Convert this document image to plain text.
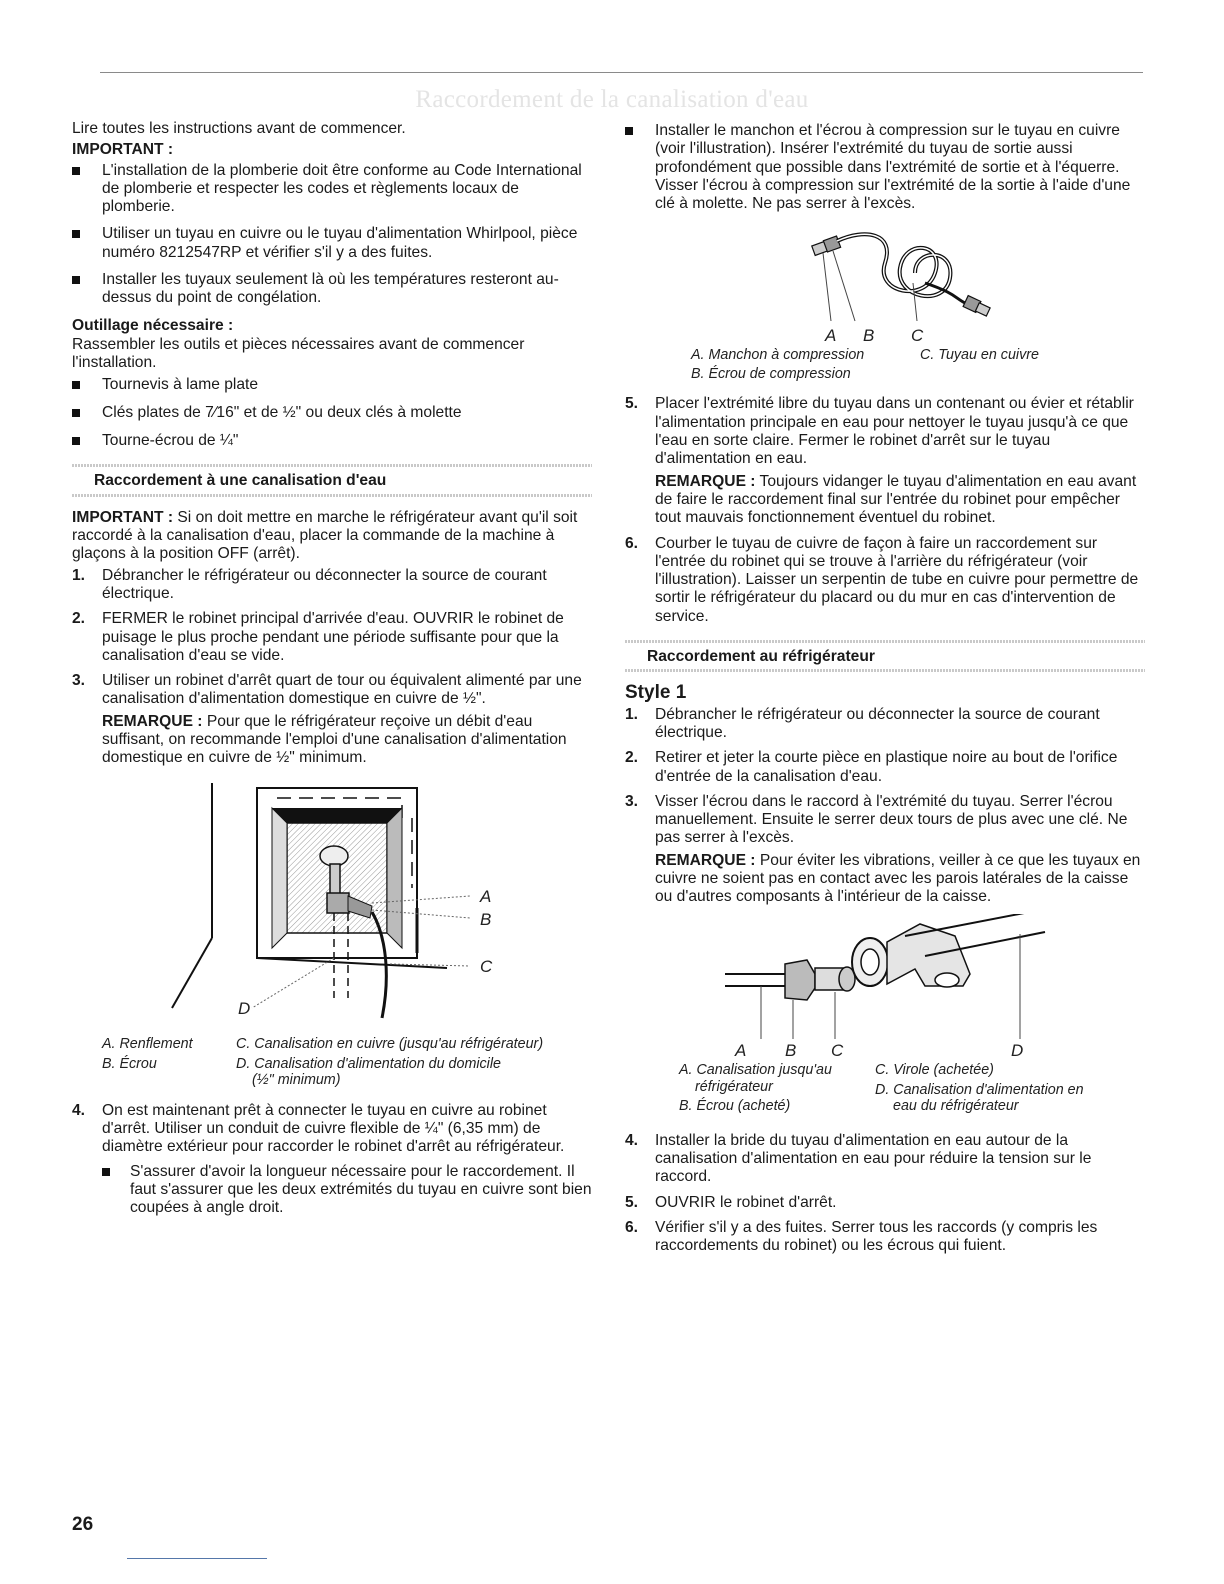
Raccordement de la canalisation d'eau

Lire toutes les instructions avant de commencer.

IMPORTANT :

L'installation de la plomberie doit être conforme au Code International de plomberie et respecter les codes et règlements locaux de plomberie.
Utiliser un tuyau en cuivre ou le tuyau d'alimentation Whirlpool, pièce numéro 8212547RP et vérifier s'il y a des fuites.
Installer les tuyaux seulement là où les températures resteront au-dessus du point de congélation.

Outillage nécessaire :

Rassembler les outils et pièces nécessaires avant de commencer l'installation.

Tournevis à lame plate
Clés plates de 7⁄16" et de ½" ou deux clés à molette
Tourne-écrou de ¼"
Raccordement à une canalisation d'eau

IMPORTANT : Si on doit mettre en marche le réfrigérateur avant qu'il soit raccordé à la canalisation d'eau, placer la commande de la machine à glaçons à la position OFF (arrêt).

1. Débrancher le réfrigérateur ou déconnecter la source de courant électrique.
2. FERMER le robinet principal d'arrivée d'eau. OUVRIR le robinet de puisage le plus proche pendant une période suffisante pour que la canalisation d'eau se vide.
3. Utiliser un robinet d'arrêt quart de tour ou équivalent alimenté par une canalisation d'alimentation domestique en cuivre de ½".

REMARQUE : Pour que le réfrigérateur reçoive un débit d'eau suffisant, on recommande l'emploi d'une canalisation d'alimentation domestique en cuivre de ½" minimum.

A
B
C
D
A. Renflement
B. Écrou
C. Canalisation en cuivre (jusqu'au réfrigérateur)
D. Canalisation d'alimentation du domicile
(½" minimum)
4. On est maintenant prêt à connecter le tuyau en cuivre au robinet d'arrêt. Utiliser un conduit de cuivre flexible de ¼" (6,35 mm) de diamètre extérieur pour raccorder le robinet d'arrêt au réfrigérateur.
S'assurer d'avoir la longueur nécessaire pour le raccordement. Il faut s'assurer que les deux extrémités du tuyau en cuivre sont bien coupées à angle droit.
Installer le manchon et l'écrou à compression sur le tuyau en cuivre (voir l'illustration). Insérer l'extrémité du tuyau de sortie aussi profondément que possible dans l'extrémité de sortie et à l'équerre. Visser l'écrou à compression sur l'extrémité de la sortie à l'aide d'une clé à molette. Ne pas serrer à l'excès.
A B C
A. Manchon à compression
B. Écrou de compression
C. Tuyau en cuivre
5. Placer l'extrémité libre du tuyau dans un contenant ou évier et rétablir l'alimentation principale en eau pour nettoyer le tuyau jusqu'à ce que l'eau en sorte claire. Fermer le robinet d'arrêt sur le tuyau d'alimentation en eau.

REMARQUE : Toujours vidanger le tuyau d'alimentation en eau avant de faire le raccordement final sur l'entrée du robinet pour empêcher tout mauvais fonctionnement éventuel du robinet.

6. Courber le tuyau de cuivre de façon à faire un raccordement sur l'entrée du robinet qui se trouve à l'arrière du réfrigérateur (voir l'illustration). Laisser un serpentin de tube en cuivre pour permettre de sortir le réfrigérateur du placard ou du mur en cas d'intervention de service.
Raccordement au réfrigérateur

Style 1

1. Débrancher le réfrigérateur ou déconnecter la source de courant électrique.
2. Retirer et jeter la courte pièce en plastique noire au bout de l'orifice d'entrée de la canalisation d'eau.
3. Visser l'écrou dans le raccord à l'extrémité du tuyau. Serrer l'écrou manuellement. Ensuite le serrer deux tours de plus avec une clé. Ne pas serrer à l'excès.

REMARQUE : Pour éviter les vibrations, veiller à ce que les tuyaux en cuivre ne soient pas en contact avec les parois latérales de la caisse ou d'autres composants à l'intérieur de la caisse.

A B C	D
A. Canalisation jusqu'au
réfrigérateur
B. Écrou (acheté)
C. Virole (achetée)
D. Canalisation d'alimentation en
eau du réfrigérateur
4. Installer la bride du tuyau d'alimentation en eau autour de la canalisation d'alimentation en eau pour réduire la tension sur le raccord.
5. OUVRIR le robinet d'arrêt.
6. Vérifier s'il y a des fuites. Serrer tous les raccords (y compris les raccordements du robinet) ou les écrous qui fuient.
26
